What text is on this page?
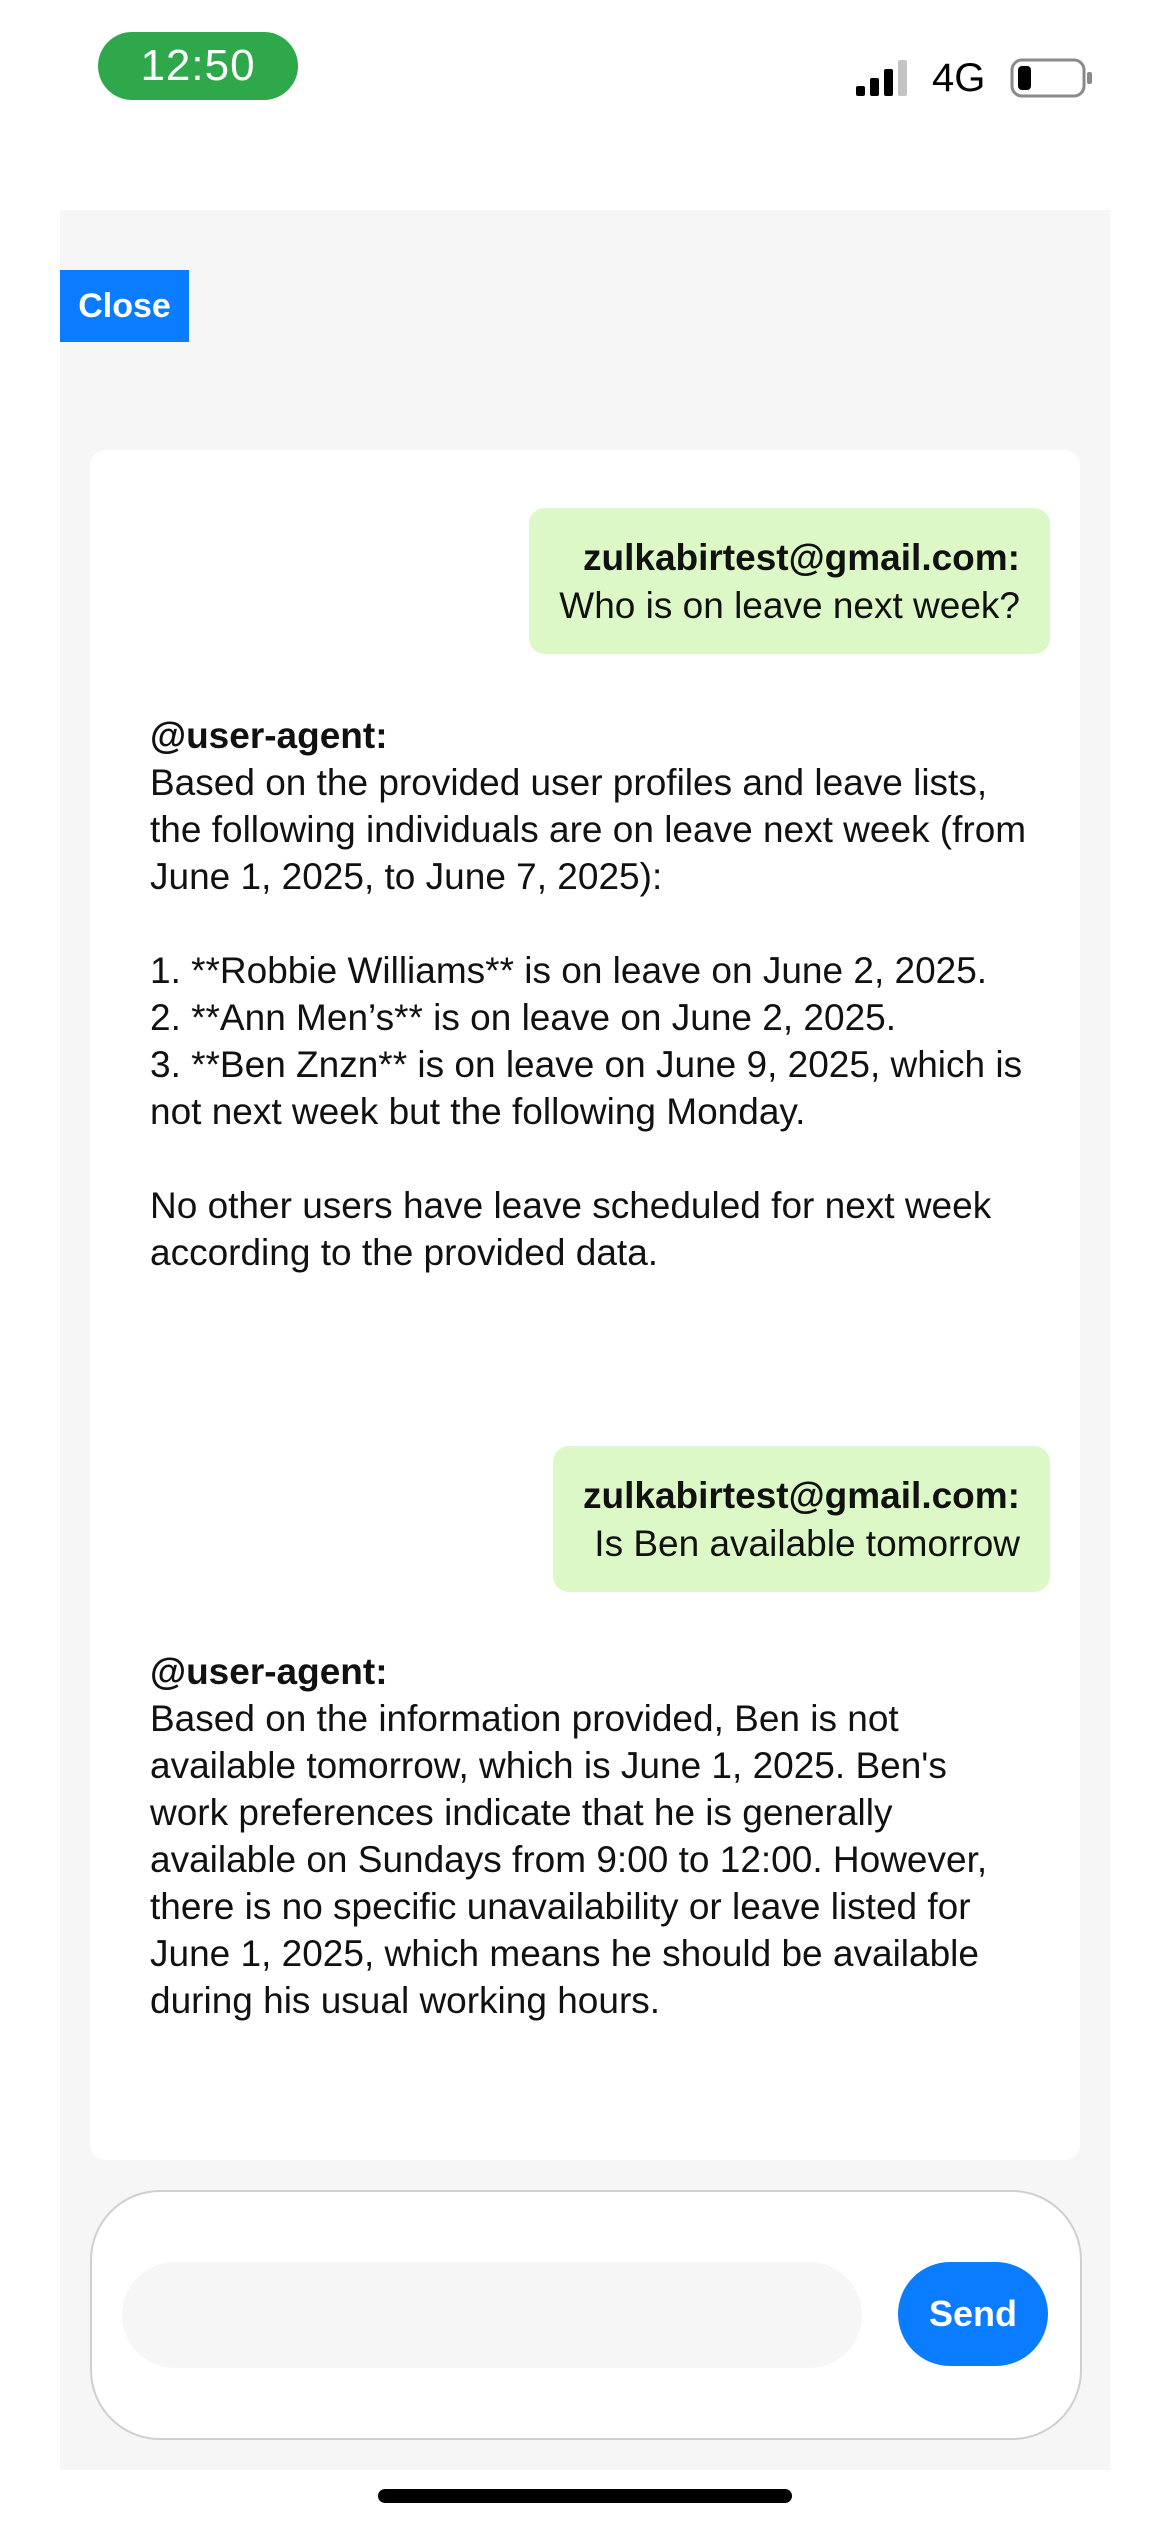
12:50	4G
Close
zulkabirtest@gmail.com:
Who is on leave next week?
@user-agent:
Based on the provided user profiles and leave lists, the following individuals are on leave next week (from June 1, 2025, to June 7, 2025):

1. **Robbie Williams** is on leave on June 2, 2025.
2. **Ann Men’s** is on leave on June 2, 2025.
3. **Ben Znzn** is on leave on June 9, 2025, which is not next week but the following Monday.

No other users have leave scheduled for next week according to the provided data.
zulkabirtest@gmail.com:
Is Ben available tomorrow
@user-agent:
Based on the information provided, Ben is not available tomorrow, which is June 1, 2025. Ben's work preferences indicate that he is generally available on Sundays from 9:00 to 12:00. However, there is no specific unavailability or leave listed for June 1, 2025, which means he should be available during his usual working hours.
Send
